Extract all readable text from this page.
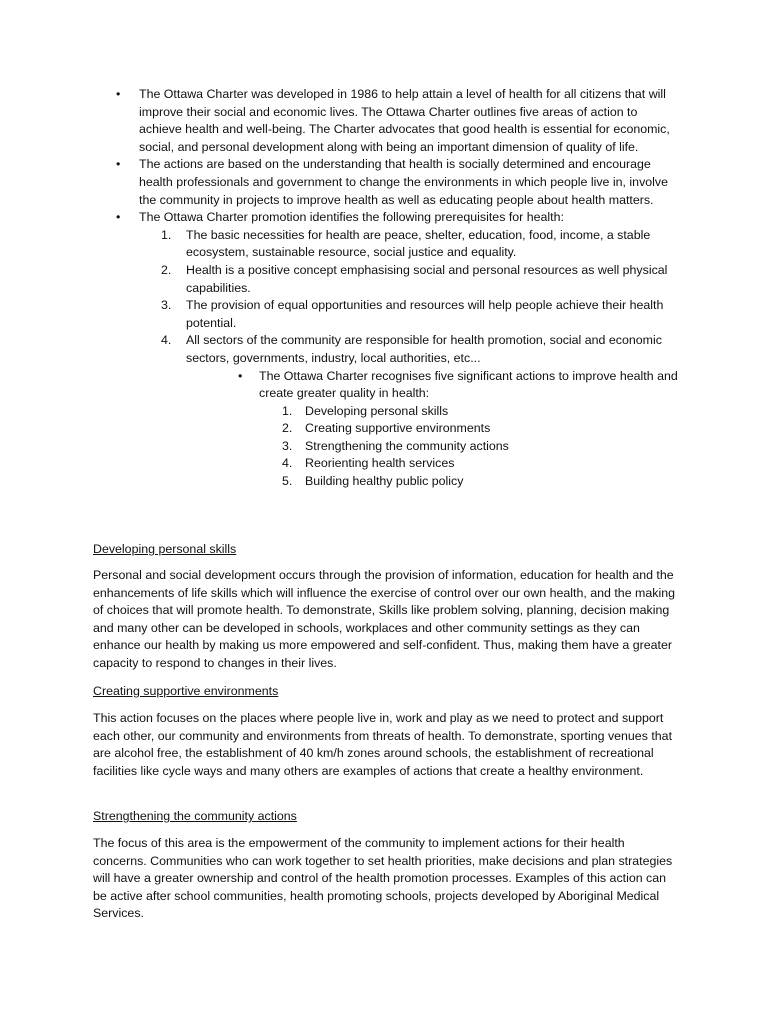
• The Ottawa Charter was developed in 1986 to help attain a level of health for all citizens that will improve their social and economic lives. The Ottawa Charter outlines five areas of action to achieve health and well-being. The Charter advocates that good health is essential for economic, social, and personal development along with being an important dimension of quality of life.
• The actions are based on the understanding that health is socially determined and encourage health professionals and government to change the environments in which people live in, involve the community in projects to improve health as well as educating people about health matters.
• The Ottawa Charter promotion identifies the following prerequisites for health:
1. The basic necessities for health are peace, shelter, education, food, income, a stable ecosystem, sustainable resource, social justice and equality.
2. Health is a positive concept emphasising social and personal resources as well physical capabilities.
3. The provision of equal opportunities and resources will help people achieve their health potential.
4. All sectors of the community are responsible for health promotion, social and economic sectors, governments, industry, local authorities, etc...
• The Ottawa Charter recognises five significant actions to improve health and create greater quality in health:
1. Developing personal skills
2. Creating supportive environments
3. Strengthening the community actions
4. Reorienting health services
5. Building healthy public policy
Developing personal skills

Personal and social development occurs through the provision of information, education for health and the enhancements of life skills which will influence the exercise of control over our own health, and the making of choices that will promote health. To demonstrate, Skills like problem solving, planning, decision making and many other can be developed in schools, workplaces and other community settings as they can enhance our health by making us more empowered and self-confident. Thus, making them have a greater capacity to respond to changes in their lives.

Creating supportive environments

This action focuses on the places where people live in, work and play as we need to protect and support each other, our community and environments from threats of health. To demonstrate, sporting venues that are alcohol free, the establishment of 40 km/h zones around schools, the establishment of recreational facilities like cycle ways and many others are examples of actions that create a healthy environment.

Strengthening the community actions

The focus of this area is the empowerment of the community to implement actions for their health concerns. Communities who can work together to set health priorities, make decisions and plan strategies will have a greater ownership and control of the health promotion processes. Examples of this action can be active after school communities, health promoting schools, projects developed by Aboriginal Medical Services.
